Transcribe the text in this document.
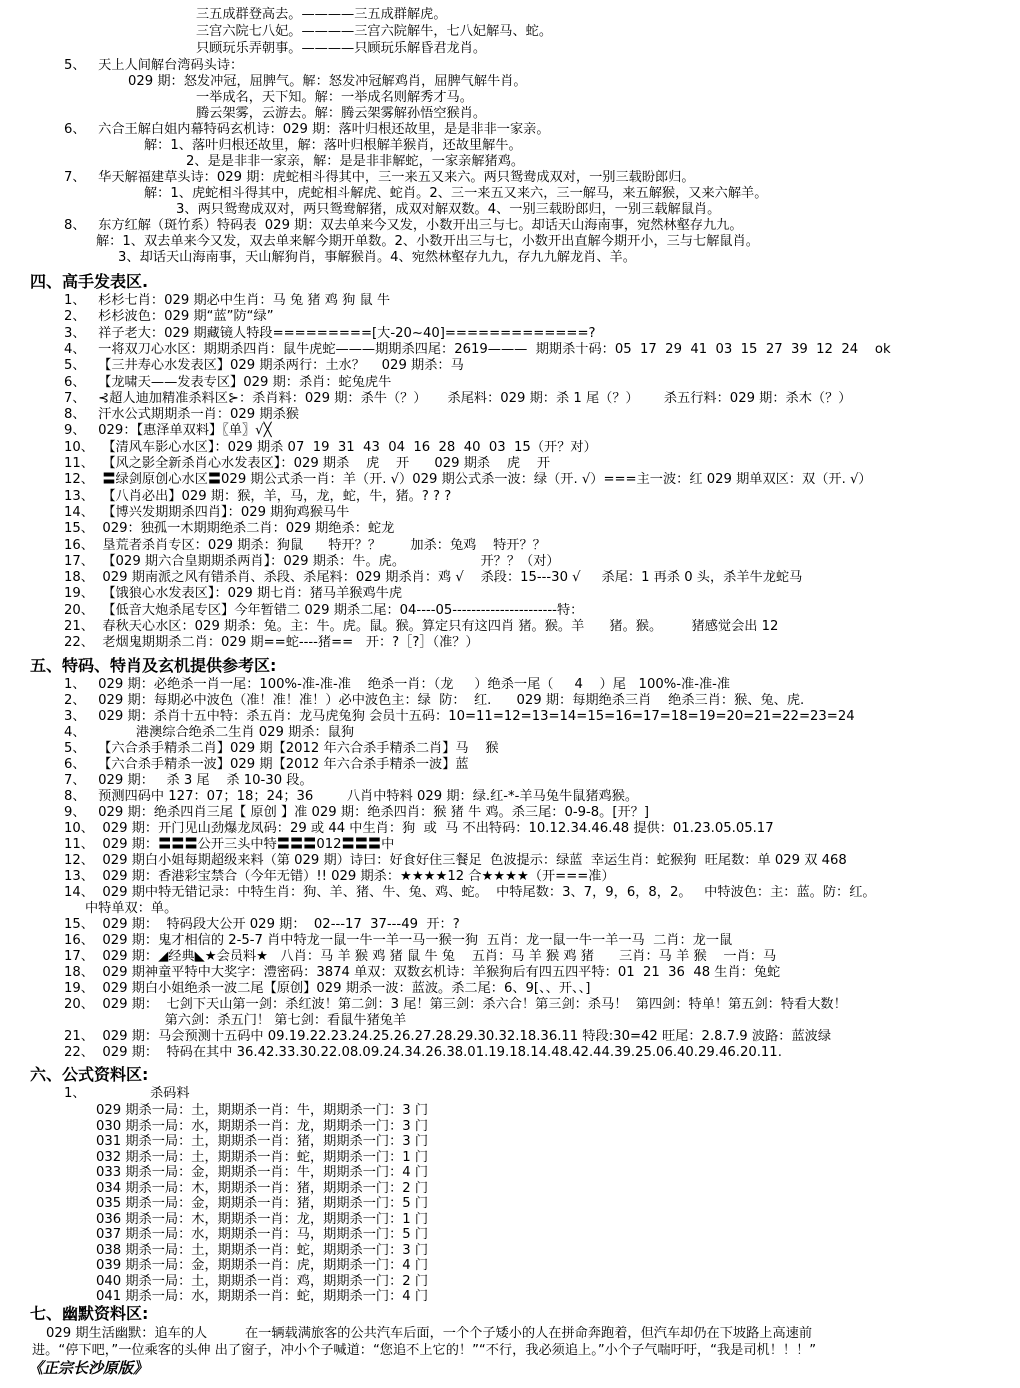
三五成群登高去。————三五成群解虎。
三宫六院七八妃。————三宫六院解牛，七八妃解马、蛇。
只顾玩乐弄朝事。————只顾玩乐解昏君龙肖。
5、   天上人间解台湾码头诗：
029 期：怒发冲冠，屈脾气。解：怒发冲冠解鸡肖，屈脾气解牛肖。
一举成名，天下知。解：一举成名则解秀才马。
腾云架雾，云游去。解：腾云架雾解孙悟空猴肖。
6、   六合王解白姐内幕特码玄机诗：029 期：落叶归根还故里，是是非非一家亲。
解：1、落叶归根还故里，解：落叶归根解羊猴肖，还故里解牛。
2、是是非非一家亲，解：是是非非解蛇，一家亲解猪鸡。
7、   华天解福建草头诗：029 期：虎蛇相斗得其中，三一来五又来六。两只鸳鸯成双对，一别三载盼郎归。
解：1、虎蛇相斗得其中，虎蛇相斗解虎、蛇肖。2、三一来五又来六，三一解马，来五解猴，又来六解羊。
3、两只鸳鸯成双对，两只鸳鸯解猪，成双对解双数。4、一别三载盼郎归，一别三载解鼠肖。
8、   东方红解（斑竹系）特码表  029 期：双去单来今又发，小数开出三与七。却话天山海南事，宛然林壑存九九。
解：1、双去单来今又发，双去单来解今期开单数。2、小数开出三与七，小数开出直解今期开小，三与七解鼠肖。
3、却话天山海南事，天山解狗肖，事解猴肖。4、宛然林壑存九九，存九九解龙肖、羊。
四、高手发表区.
1、   杉杉七肖：029 期必中生肖：马 兔 猪 鸡 狗 鼠 牛
2、   杉杉波色：029 期“蓝”防“绿”
3、   祥子老大：029 期藏镜人特段=========[大-20~40]=============?
4、   一将双刀心水区：期期杀四肖：鼠牛虎蛇———期期杀四尾：2619———  期期杀十码：05  17  29  41  03  15  27  39  12  24    ok
5、   【三井寿心水发表区】029 期杀两行：土水？    029 期杀：马
6、   【龙啸天——发表专区】029 期：杀肖：蛇兔虎牛
7、   ⊰超人迪加精准杀料区⊱：杀肖料：029 期：杀牛（？）     杀尾料：029 期：杀 1 尾（？）      杀五行料：029 期：杀木（？）
8、   汗水公式期期杀一肖：029 期杀猴
9、   029：【惠泽单双料】〖单〗√╳
10、  【清风车影心水区】：029 期杀 07  19  31  43  04  16  28  40  03  15（开？对）
11、  【风之影全新杀肖心水发表区】：029 期杀    虎    开      029 期杀    虎    开
12、  〓绿剑原创心水区〓029 期公式杀一肖：羊（开. √）029 期公式杀一波：绿（开. √）===主一波：红 029 期单双区：双（开. √）
13、  【八肖必出】029 期：猴，羊，马，龙，蛇，牛，猪。? ? ?
14、  【博兴发期期杀四肖】：029 期狗鸡猴马牛
15、  029：独孤一木期期绝杀二肖：029 期绝杀：蛇龙
16、  垦荒者杀肖专区：029 期杀：狗鼠      特开？？       加杀：兔鸡    特开？？
17、  【029 期六合皇期期杀两肖】：029 期杀：牛。虎。                  开？？（对）
18、  029 期南派之风有错杀肖、杀段、杀尾料：029 期杀肖：鸡 √    杀段：15---30 √     杀尾：1 再杀 0 头，杀羊牛龙蛇马
19、  【饿狼心水发表区】：029 期七肖：猪马羊猴鸡牛虎
20、  【低音大炮杀尾专区】今年暂错二 029 期杀二尾：04----05----------------------特：
21、  春秋天心水区：029 期杀：兔。主：牛。虎。鼠。猴。算定只有这四肖 猪。猴。羊      猪。猴。       猪感觉会出 12
22、  老烟鬼期期杀二肖：029 期==蛇----猪==   开：?［?］（准？）
五、特码、特肖及玄机提供参考区:
1、   029 期：必绝杀一肖一尾：100%-准-准-准    绝杀一肖：（龙     ）绝杀一尾（     4    ）尾   100%-准-准-准
2、   029 期：每期必中波色（准！准！准！）必中波色主：绿  防：  红.      029 期：每期绝杀三肖    绝杀三肖：猴、兔、虎.
3、   029 期：杀肖十五中特：杀五肖：龙马虎兔狗 会员十五码：10=11=12=13=14=15=16=17=18=19=20=21=22=23=24
4、            港澳综合绝杀二生肖 029 期杀：鼠狗
5、   【六合杀手精杀二肖】029 期【2012 年六合杀手精杀二肖】马    猴
6、   【六合杀手精杀一波】029 期【2012 年六合杀手精杀一波】蓝
7、   029 期：   杀 3 尾    杀 10-30 段。
8、   预测四码中 127：07；18；24；36        八肖中特料 029 期：绿.红-*-羊马兔牛鼠猪鸡猴。
9、   029 期：绝杀四肖三尾【 原创 】准 029 期：绝杀四肖：猴 猪 牛 鸡。杀三尾：0-9-8。[开？]
10、  029 期：开门见山劲爆龙凤码：29 或 44 中生肖：狗  或  马 不出特码：10.12.34.46.48 提供：01.23.05.05.17
11、  029 期：〓〓〓公开三头中特〓〓〓012〓〓〓中
12、  029 期白小姐每期超级来料（第 029 期）诗曰：好食好住三餐足  色波提示：绿蓝  幸运生肖：蛇猴狗  旺尾数：单 029 双 468
13、  029 期：香港彩宝禁合（今年无错）!! 029 期杀：★★★★12 合★★★★（开===准）
14、  029 期中特无错记录：中特生肖：狗、羊、猪、牛、兔、鸡、蛇。  中特尾数：3、7，9，6，8，2。   中特波色：主：蓝。防：红。
中特单双：单。
15、  029 期：  特码段大公开 029 期：  02---17  37---49  开：?
16、  029 期：鬼才相信的 2-5-7 肖中特龙一鼠一牛一羊一马一猴一狗  五肖：龙一鼠一牛一羊一马  二肖：龙一鼠
17、  029 期：◢经典◣★会员料★   八肖：马 羊 猴 鸡 猪 鼠 牛 兔    五肖：马 羊 猴 鸡 猪      三肖：马 羊 猴    一肖：马
18、  029 期神童平特中大奖字：澧密码：3874 单双：双数玄机诗：羊猴狗后有四五四平特：01  21  36  48 生肖：兔蛇
19、  029 期白小姐绝杀一波二尾【原创】029 期杀一波：蓝波。杀二尾：6、9[、、开、、]
20、  029 期：  七剑下天山第一剑：杀红波！第二剑：3 尾！第三剑：杀六合！第三剑：杀马！  第四剑：特单！第五剑：特看大数！
第六剑：杀五门！ 第七剑：看鼠牛猪兔羊
21、  029 期：马会预测十五码中 09.19.22.23.24.25.26.27.28.29.30.32.18.36.11 特段:30=42 旺尾：2.8.7.9 波路：蓝波绿
22、  029 期：  特码在其中 36.42.33.30.22.08.09.24.34.26.38.01.19.18.14.48.42.44.39.25.06.40.29.46.20.11.
六、公式资料区:
1、	杀码料
029 期杀一局：土，期期杀一肖：牛，期期杀一门：3 门
030 期杀一局：水，期期杀一肖：龙，期期杀一门：3 门
031 期杀一局：土，期期杀一肖：猪，期期杀一门：3 门
032 期杀一局：土，期期杀一肖：蛇，期期杀一门：1 门
033 期杀一局：金，期期杀一肖：牛，期期杀一门：4 门
034 期杀一局：木，期期杀一肖：猪，期期杀一门：2 门
035 期杀一局：金，期期杀一肖：猪，期期杀一门：5 门
036 期杀一局：木，期期杀一肖：龙，期期杀一门：1 门
037 期杀一局：水，期期杀一肖：马，期期杀一门：5 门
038 期杀一局：土，期期杀一肖：蛇，期期杀一门：3 门
039 期杀一局：金，期期杀一肖：虎，期期杀一门：4 门
040 期杀一局：土，期期杀一肖：鸡，期期杀一门：2 门
041 期杀一局：水，期期杀一肖：蛇，期期杀一门：4 门
七、幽默资料区:
029 期生活幽默：追车的人         在一辆载满旅客的公共汽车后面，一个个子矮小的人在拼命奔跑着，但汽车却仍在下坡路上高速前
进。“停下吧，”一位乘客的头伸 出了窗子，冲小个子喊道：“您追不上它的！”“不行，我必须追上。”小个子气喘吁吁，“我是司机！！！”
《正宗长沙原版》
